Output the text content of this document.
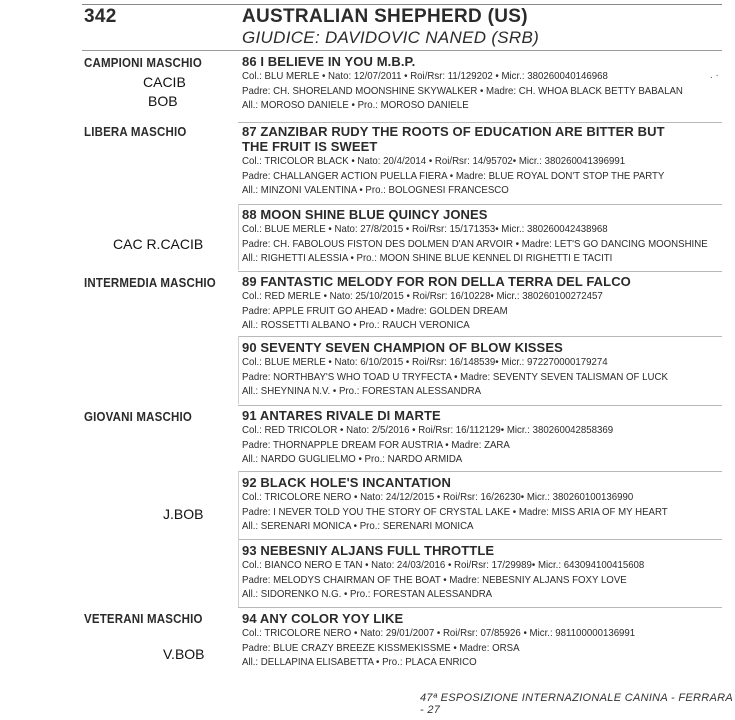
342	AUSTRALIAN SHEPHERD (US)
GIUDICE: DAVIDOVIC NANED (SRB)
. ·
CAMPIONI MASCHIO
LIBERA MASCHIO
INTERMEDIA MASCHIO
GIOVANI MASCHIO
VETERANI MASCHIO
CACIB
BOB
CAC R.CACIB
J.BOB
V.BOB
86 I BELIEVE IN YOU M.B.P.
Col.: BLU MERLE • Nato: 12/07/2011 • Roi/Rsr: 11/129202 • Micr.: 380260040146968
Padre: CH. SHORELAND MOONSHINE SKYWALKER • Madre: CH. WHOA BLACK BETTY BABALAN
All.: MOROSO DANIELE • Pro.: MOROSO DANIELE
87 ZANZIBAR RUDY THE ROOTS OF EDUCATION ARE BITTER BUT
THE FRUIT IS SWEET
Col.: TRICOLOR BLACK • Nato: 20/4/2014 • Roi/Rsr: 14/95702• Micr.: 380260041396991
Padre: CHALLANGER ACTION PUELLA FIERA • Madre: BLUE ROYAL DON'T STOP THE PARTY
All.: MINZONI VALENTINA • Pro.: BOLOGNESI FRANCESCO
88 MOON SHINE BLUE QUINCY JONES
Col.: BLUE MERLE • Nato: 27/8/2015 • Roi/Rsr: 15/171353• Micr.: 380260042438968
Padre: CH. FABOLOUS FISTON DES DOLMEN D'AN ARVOIR • Madre: LET'S GO DANCING MOONSHINE
All.: RIGHETTI ALESSIA • Pro.: MOON SHINE BLUE KENNEL DI RIGHETTI E TACITI
89 FANTASTIC MELODY FOR RON DELLA TERRA DEL FALCO
Col.: RED MERLE • Nato: 25/10/2015 • Roi/Rsr: 16/10228• Micr.: 380260100272457
Padre: APPLE FRUIT GO AHEAD • Madre: GOLDEN DREAM
All.: ROSSETTI ALBANO • Pro.: RAUCH VERONICA
90 SEVENTY SEVEN CHAMPION OF BLOW KISSES
Col.: BLUE MERLE • Nato: 6/10/2015 • Roi/Rsr: 16/148539• Micr.: 972270000179274
Padre: NORTHBAY'S WHO TOAD U TRYFECTA • Madre: SEVENTY SEVEN TALISMAN OF LUCK
All.: SHEYNINA N.V. • Pro.: FORESTAN ALESSANDRA
91 ANTARES RIVALE DI MARTE
Col.: RED TRICOLOR • Nato: 2/5/2016 • Roi/Rsr: 16/112129• Micr.: 380260042858369
Padre: THORNAPPLE DREAM FOR AUSTRIA • Madre: ZARA
All.: NARDO GUGLIELMO • Pro.: NARDO ARMIDA
92 BLACK HOLE'S INCANTATION
Col.: TRICOLORE NERO • Nato: 24/12/2015 • Roi/Rsr: 16/26230• Micr.: 380260100136990
Padre: I NEVER TOLD YOU THE STORY OF CRYSTAL LAKE • Madre: MISS ARIA OF MY HEART
All.: SERENARI MONICA • Pro.: SERENARI MONICA
93 NEBESNIY ALJANS FULL THROTTLE
Col.: BIANCO NERO E TAN • Nato: 24/03/2016 • Roi/Rsr: 17/29989• Micr.: 643094100415608
Padre: MELODYS CHAIRMAN OF THE BOAT • Madre: NEBESNIY ALJANS FOXY LOVE
All.: SIDORENKO N.G. • Pro.: FORESTAN ALESSANDRA
94 ANY COLOR YOY LIKE
Col.: TRICOLORE NERO • Nato: 29/01/2007 • Roi/Rsr: 07/85926 • Micr.: 981100000136991
Padre: BLUE CRAZY BREEZE KISSMEKISSME • Madre: ORSA
All.: DELLAPINA ELISABETTA • Pro.: PLACA ENRICO
47ª ESPOSIZIONE INTERNAZIONALE CANINA - FERRARA - 27
